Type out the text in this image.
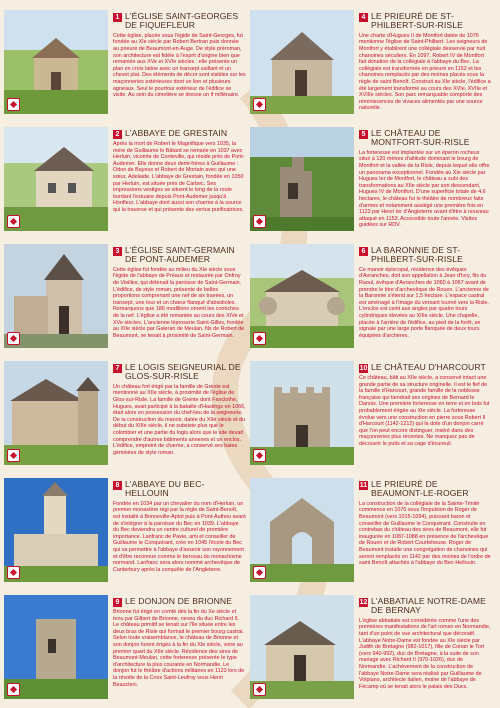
1 L'ÉGLISE SAINT-GEORGES DE FIQUEFLEUR

Cette église, placée sous l'égide de Saint-Georges, fut fondée au XIe siècle par Robert Bertran puis donnée au prieuré de Beaumont-en-Auge. De style préroman, son architecture est fidèle à l'esprit d'origine bien que remaniée aux XVe et XVIe siècles : elle présente un plan en croix latine avec un transept saillant et un chevet plat. Des éléments de décor sont visibles sur les maçonneries extérieures dont un lion et plusieurs agneaux. Seul le pourtour extérieur de l'édifice se visite. Au sein du cimetière se dresse un if millénaire.

4 LE PRIEURÉ DE ST-PHILBERT-SUR-RISLE

Une charte d'Hugues II de Montfort datée de 1076 mentionne l'église de Saint-Philbert. Les seigneurs de Montfort y établirent une collégiale desservie par huit chanoines séculiers. En 1097, Robert IV de Montfort fait donation de la collégiale à l'abbaye du Bec. La collégiale est transformée en prieuré en 1152 et les chanoines remplacés par des moines placés sous la règle de saint Benoît. Construit au XIe siècle, l'édifice a été largement transformé au cours des XVIe, XVIIe et XVIIIe siècles. Son parc remarquable comporte des réminiscences de vivaces alimentés par une source naturelle.

2 L'ABBAYE DE GRESTAIN

Après la mort de Robert le Magnifique vers 1035, la mère de Guillaume le Bâtard se remarie en 1037 avec Herluin, vicomte de Conteville, qui réside près de Pont-Audemer. Elle donne deux demi-frères à Guillaume : Odon de Bayeux et Robert de Mortain avec qui une sœur, Adelaide. L'abbaye de Grestain, fondée en 1050 par Herluin, est située près de Carbec. Ses impressions vestiges se situent le long de la route bordant l'estuaire depuis Pont-Audemer jusqu'à Honfleur. L'abbaye dont aussi son charme à la source qui la traverse et qui présente des vertus purificatrices.

5 LE CHÂTEAU DE MONTFORT-SUR-RISLE

La forteresse est implantée sur un éperon rocheux situé à 120 mètres d'altitude dominant le bourg de Montfort et la vallée de la Risle, depuis lequel elle offre un panorama exceptionnel. Fondée au XIe siècle par Hugues Ier de Montfort, le château a subi des transformations au XIIe siècle par son descendant, Hugues IV de Montfort. D'une superficie totale de 4,6 hectares, le château fut le théâtre de nombreux faits d'armes et notamment assiégé une première fois en 1123 par Henri Ier d'Angleterre avant d'être à nouveau attaqué en 1153. Accessible toute l'année. Visites guidées sur RDV.

3 L'ÉGLISE SAINT-GERMAIN DE PONT-AUDEMER

Cette église fut fondée au milieu du XIe siècle sous l'égide de l'abbaye de Préaux et restaurée par Onfroy de Vieilles, qui détenait la paroisse de Saint-Germain. L'édifice, de style roman, présente de belles proportions comprenant une nef de six travées, un transept, une tour et un chœur flanqué d'absidioles. Remarquons que 186 modillons ornent les corniches de la nef. L'église a été remaniée au cours des XIVe et XVe siècles. L'ancienne léproserie Saint-Gilles, fondée au XIIe siècle par Galeran de Meulan, fils de Robert de Beaumont, se tenait à proximité de Saint-Germain.

6 LA BARONNIE DE ST-PHILBERT-SUR-RISLE

Ce manoir épiscopal, résidence des évêques d'Avranches, doit son appellation à Jean d'Ivry, fils du Raoul, évêque d'Avranches de 1060 à 1067 avant de prendre le titre d'archevêque de Rouen. L'ancienne de la Baronnie s'étend sur 1,5 hectare. L'espace castral est aménagé à l'image du versant tourné vers la Risle. L'enclos est ceint aux angles par quatre tours cylindriques élevées au XIIIe siècle. Une chapelle, placée à l'arrière de l'édifice, au pied de la forêt, se signale par une large porte flanquée de deux tours équipées d'archères.

7 LE LOGIS SEIGNEURIAL DE GLOS-SUR-RISLE

Un château fort érigé par la famille de Grente est mentionné au XIIe siècle, à proximité de l'église de Glos-sur-Risle. La famille de Grente dont Fanclothe, Hugues, avait participé à la bataille d'Hastings en 1066, était alors en possession du chef-lieu de la seigneurie. De la construction du manoir, datée du XIIe siècle et du début du XIIIe siècle, il ne subsiste plus que le colombier et une partie du logis alors que le site devait comprendre d'autres bâtiments annexes et un enclos. L'édifice, empreint de charme, a conservé ses baies géminées de style roman.

10 LE CHÂTEAU D'HARCOURT

Ce château, bâti au XIIe siècle, a conservé intact une grande partie de sa structure originelle. Il est le fief de la famille d'Harcourt, grande famille de la noblesse française qui tiendrait ses origines de Bernard le Danois. Une première forteresse en terre et en bois fut probablement érigée au XIe siècle. La forteresse évolue vers une construction en pierre sous Robert II d'Harcourt (1142-1212) qui la dote d'un donjon carré que l'on peut encore distinguer, inséré dans des maçonneries plus récentes. Ne manquez pas de découvrir le puits et sa cage d'écureuil.

8 L'ABBAYE DU BEC-HELLOUIN

Fondée en 1034 par un chevalier du nom d'Herluin, un premier monastère régi par la règle de Saint-Benoît, est installé à Bonneville-Aptot puis à Pont-Authou avant de s'intégrer à la paroisse du Bec en 1039. L'abbaye du Bec deviendra un centre culturel de première importance. Lanfranc de Pavie, ami et conseiller de Guillaume le Conquérant, crée en 1045 l'école du Bec qui va permettre à l'abbaye d'asseoir son rayonnement et d'être reconnue comme le berceau du monachisme normand. Lanfranc sera alors nommé archevêque de Canterbury après la conquête de l'Angleterre.

11 LE PRIEURÉ DE BEAUMONT-LE-ROGER

La construction de la collégiale de la Sainte-Trinité commence en 1070 sous l'impulsion de Roger de Beaumont (vers 1015-1094), puissant baron et conseiller de Guillaume le Conquérant. Construite en contrebas du château des sires de Beaumont, elle fut inaugurée en 1087-1088 en présence de l'archevêque de Rouen et de Robert Courteheuse. Roger de Beaumont installe une congrégation de chanoines qui seront remplacés en 1142 par des moines de l'ordre de saint Benoît attachés à l'abbaye du Bec-Hellouin.

9 LE DONJON DE BRIONNE

Brionne fut érigé en comté dès la fin du Xe siècle et tenu par Gilbert de Brionne, neveu du duc Richard II. Le château primitif se tenait sur l'île située entre les deux bras de Risle qui formait le premier bourg castral. Selon toute vraisemblance, le château de Brionne et son donjon furent érigés à la fin du XIe siècle, voire au premier quart du XIIe siècle. Résidence des sires de Beaumont-Meulan, cette forteresse présente le type d'architecture la plus courante en Normandie. Le donjon fut le théâtre d'actions militaires en 1123 lors de la révolte de la Croix Saint-Leufroy sous Henri Beauclerc.

12 L'ABBATIALE NOTRE-DAME DE BERNAY

L'église abbatiale est considérée comme l'une des premières manifestations de l'art roman en Normandie, tant d'un point de vue architectural que décoratif. L'abbaye Notre-Dame est fondée au XIe siècle par Judith de Bretagne (982-1017), fille de Conan le Tort (vers 940-992), duc de Bretagne, à la suite de son mariage avec Richard II (970-1026), duc de Normandie. L'achèvement de la construction de l'abbaye Notre-Dame sera réalisé par Guillaume de Volpiano, architecte italien, moine de l'abbaye de Fécamp où se tenait alors le palais des Ducs.
